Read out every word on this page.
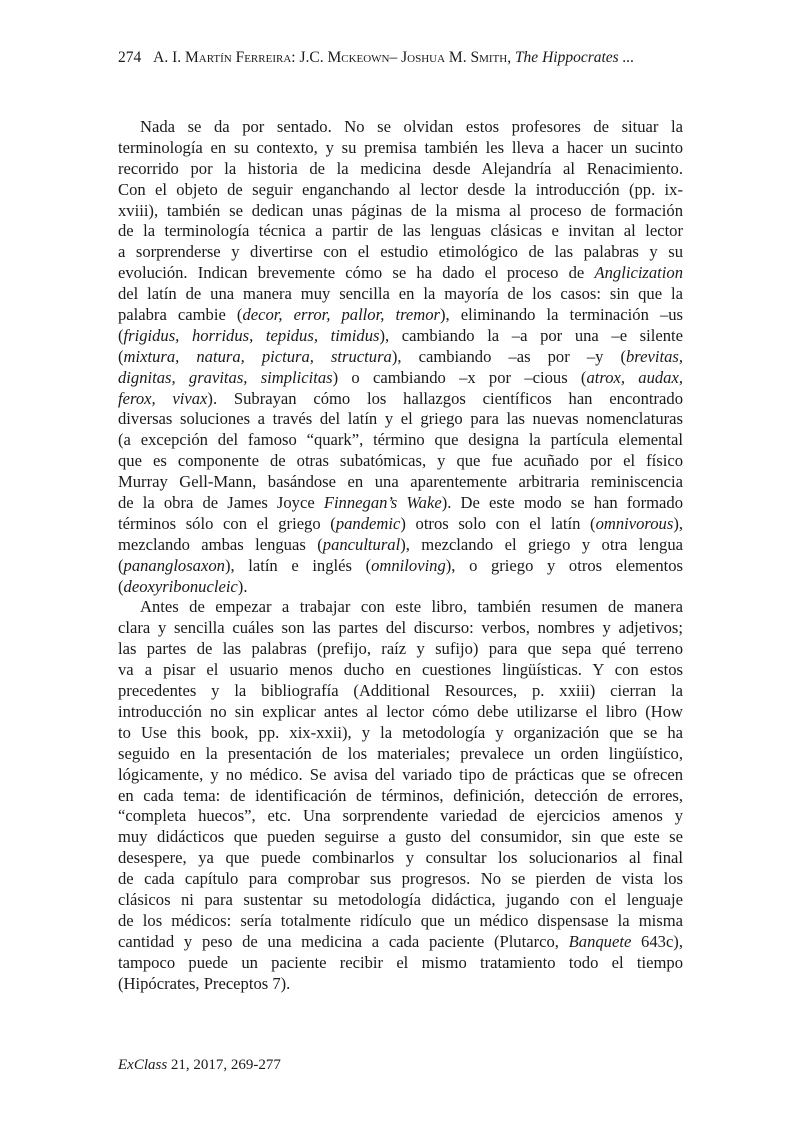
274 A. I. Martín Ferreira: J.C. Mckeown– Joshua M. Smith, The Hippocrates ...
Nada se da por sentado. No se olvidan estos profesores de situar la
terminología en su contexto, y su premisa también les lleva a hacer un sucinto
recorrido por la historia de la medicina desde Alejandría al Renacimiento.
Con el objeto de seguir enganchando al lector desde la introducción (pp. ix-
xviii), también se dedican unas páginas de la misma al proceso de formación
de la terminología técnica a partir de las lenguas clásicas e invitan al lector
a sorprenderse y divertirse con el estudio etimológico de las palabras y su
evolución. Indican brevemente cómo se ha dado el proceso de Anglicization
del latín de una manera muy sencilla en la mayoría de los casos: sin que la
palabra cambie (decor, error, pallor, tremor), eliminando la terminación –us
(frigidus, horridus, tepidus, timidus), cambiando la –a por una –e silente
(mixtura, natura, pictura, structura), cambiando –as por –y (brevitas,
dignitas, gravitas, simplicitas) o cambiando –x por –cious (atrox, audax,
ferox, vivax). Subrayan cómo los hallazgos científicos han encontrado
diversas soluciones a través del latín y el griego para las nuevas nomenclaturas
(a excepción del famoso “quark”, término que designa la partícula elemental
que es componente de otras subatómicas, y que fue acuñado por el físico
Murray Gell-Mann, basándose en una aparentemente arbitraria reminiscencia
de la obra de James Joyce Finnegan’s Wake). De este modo se han formado
términos sólo con el griego (pandemic) otros solo con el latín (omnivorous),
mezclando ambas lenguas (pancultural), mezclando el griego y otra lengua
(pananglosaxon), latín e inglés (omniloving), o griego y otros elementos
(deoxyribonucleic).
Antes de empezar a trabajar con este libro, también resumen de manera
clara y sencilla cuáles son las partes del discurso: verbos, nombres y adjetivos;
las partes de las palabras (prefijo, raíz y sufijo) para que sepa qué terreno
va a pisar el usuario menos ducho en cuestiones lingüísticas. Y con estos
precedentes y la bibliografía (Additional Resources, p. xxiii) cierran la
introducción no sin explicar antes al lector cómo debe utilizarse el libro (How
to Use this book, pp. xix-xxii), y la metodología y organización que se ha
seguido en la presentación de los materiales; prevalece un orden lingüístico,
lógicamente, y no médico. Se avisa del variado tipo de prácticas que se ofrecen
en cada tema: de identificación de términos, definición, detección de errores,
“completa huecos”, etc. Una sorprendente variedad de ejercicios amenos y
muy didácticos que pueden seguirse a gusto del consumidor, sin que este se
desespere, ya que puede combinarlos y consultar los solucionarios al final
de cada capítulo para comprobar sus progresos. No se pierden de vista los
clásicos ni para sustentar su metodología didáctica, jugando con el lenguaje
de los médicos: sería totalmente ridículo que un médico dispensase la misma
cantidad y peso de una medicina a cada paciente (Plutarco, Banquete 643c),
tampoco puede un paciente recibir el mismo tratamiento todo el tiempo
(Hipócrates, Preceptos 7).
ExClass 21, 2017, 269-277
